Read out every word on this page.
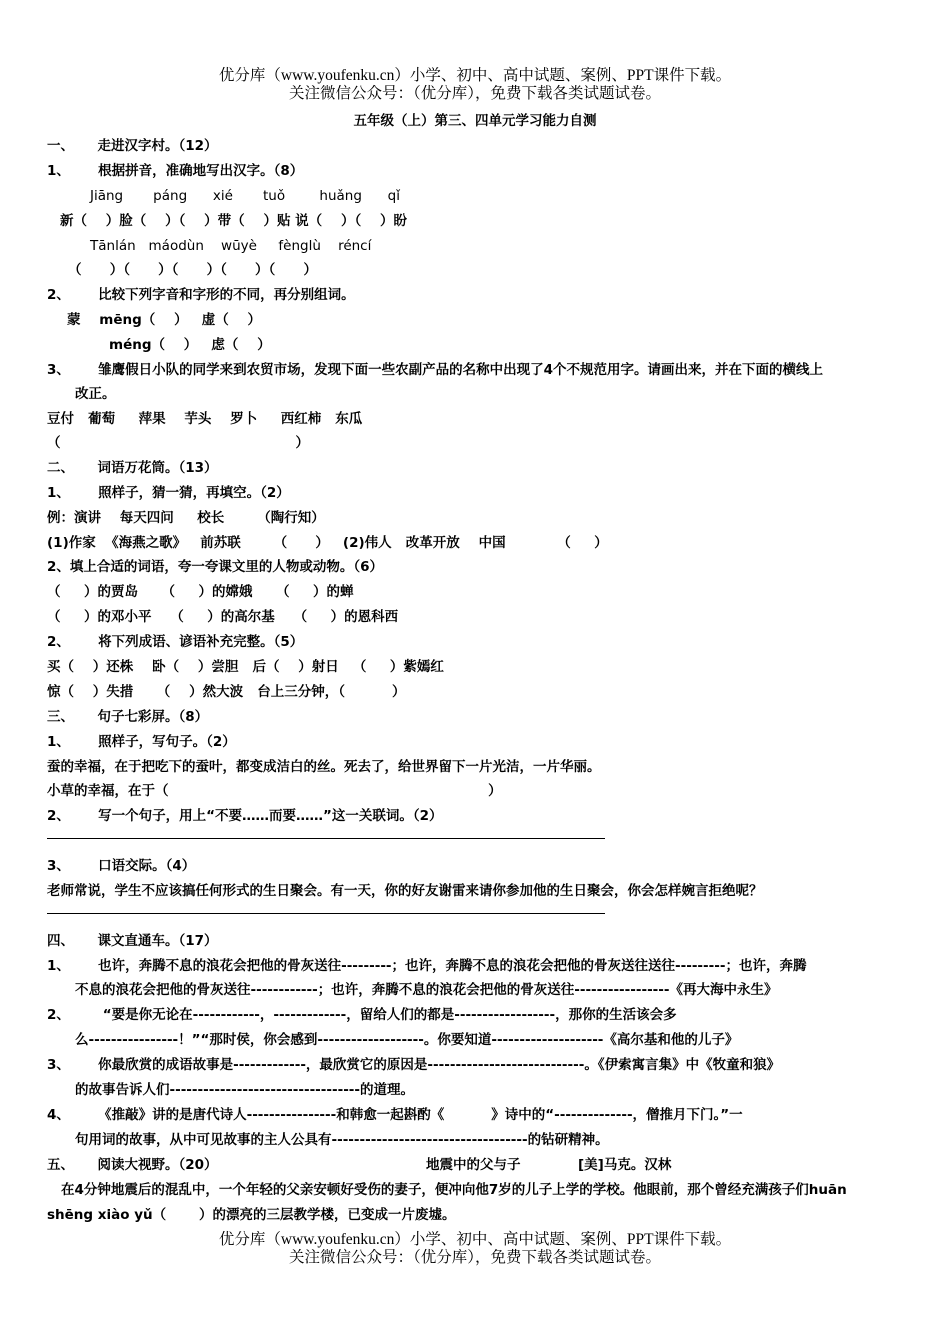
优分库（www.youfenku.cn）小学、初中、高中试题、案例、PPT课件下载。
关注微信公众号：（优分库），免费下载各类试题试卷。
五年级（上）第三、四单元学习能力自测
一、     走进汉字村。（12）
1、      根据拼音，准确地写出汉字。（8）
Jiāng       páng      xié       tuǒ        huǎng      qǐ
新（    ）脸（    ）（    ）带（    ）贴 说（    ）（    ）盼
Tānlán   máodùn    wūyè     fènglù    réncí
（      ）（      ）（      ）（      ）（      ）
2、      比较下列字音和字形的不同，再分别组词。
蒙    mēng（    ）   虚（    ）
méng（    ）   虑（    ）
3、      雏鹰假日小队的同学来到农贸市场，发现下面一些农副产品的名称中出现了4个不规范用字。请画出来，并在下面的横线上
改正。
豆付   葡萄     萍果    芋头    罗卜     西红柿   东瓜
（                                                  ）
二、     词语万花筒。（13）
1、      照样子，猜一猜，再填空。（2）
例：演讲    每天四问     校长       （陶行知）
(1)作家  《海燕之歌》   前苏联       （      ）   (2)伟人   改革开放    中国           （     ）
2、填上合适的词语，夸一夸课文里的人物或动物。（6）
（     ）的贾岛     （     ）的嫦娥     （     ）的蝉
（     ）的邓小平    （     ）的高尔基    （     ）的恩科西
2、      将下列成语、谚语补充完整。（5）
买（    ）还株    卧（    ）尝胆   后（    ）射日   （     ）紫嫣红
惊（    ）失措     （    ）然大波   台上三分钟，（          ）
三、     句子七彩屏。（8）
1、      照样子，写句子。（2）
蚕的幸福，在于把吃下的蚕叶，都变成洁白的丝。死去了，给世界留下一片光洁，一片华丽。
小草的幸福，在于（                                                                    ）
2、      写一个句子，用上“不要……而要……”这一关联词。（2）
3、      口语交际。（4）
老师常说，学生不应该搞任何形式的生日聚会。有一天，你的好友谢雷来请你参加他的生日聚会，你会怎样婉言拒绝呢？
四、     课文直通车。（17）
1、      也许，奔腾不息的浪花会把他的骨灰送往---------；也许，奔腾不息的浪花会把他的骨灰送往送往---------；也许，奔腾
不息的浪花会把他的骨灰送往------------；也许，奔腾不息的浪花会把他的骨灰送往-----------------《再大海中永生》
2、       “要是你无论在------------，-------------，留给人们的都是------------------，那你的生活该会多
么----------------！”“那时侯，你会感到-------------------。你要知道--------------------《高尔基和他的儿子》
3、      你最欣赏的成语故事是-------------，最欣赏它的原因是----------------------------。《伊索寓言集》中《牧童和狼》
的故事告诉人们----------------------------------的道理。
4、      《推敲》讲的是唐代诗人----------------和韩愈一起斟酌《          》诗中的“--------------，僧推月下门。”一
句用词的故事，从中可见故事的主人公具有-----------------------------------的钻研精神。
五、     阅读大视野。（20）	地震中的父与子	[美]马克。汉林
在4分钟地震后的混乱中，一个年轻的父亲安顿好受伤的妻子，便冲向他7岁的儿子上学的学校。他眼前，那个曾经充满孩子们huān
shēng xiào yǔ（       ）的漂亮的三层教学楼，已变成一片废墟。
优分库（www.youfenku.cn）小学、初中、高中试题、案例、PPT课件下载。
关注微信公众号：（优分库），免费下载各类试题试卷。
